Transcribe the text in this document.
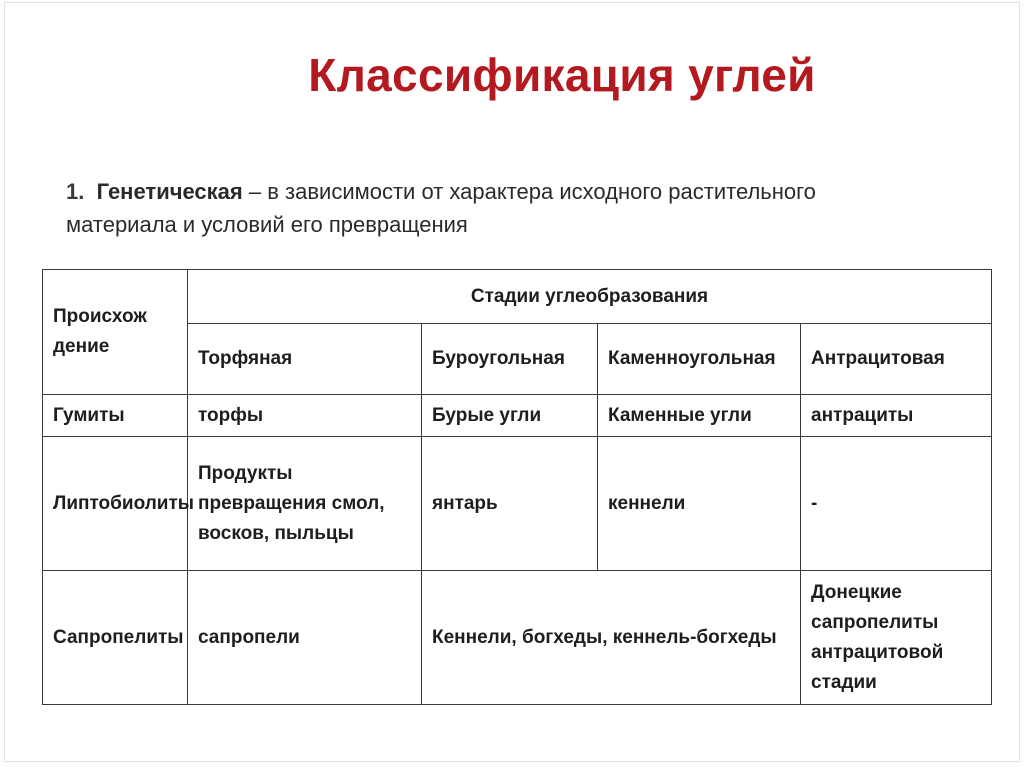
Классификация углей
1. Генетическая – в зависимости от характера исходного растительного
материала и условий его превращения
Происхож дение	Стадии углеобразования			
	Торфяная	Буроугольная	Каменноугольная	Антрацитовая
Гумиты	торфы	Бурые угли	Каменные угли	антрациты
Липтобиолиты	Продукты превращения смол, восков, пыльцы	янтарь	кеннели	-
Сапропелиты	сапропели	Кеннели, богхеды, кеннель-богхеды		Донецкие сапропелиты антрацитовой стадии
